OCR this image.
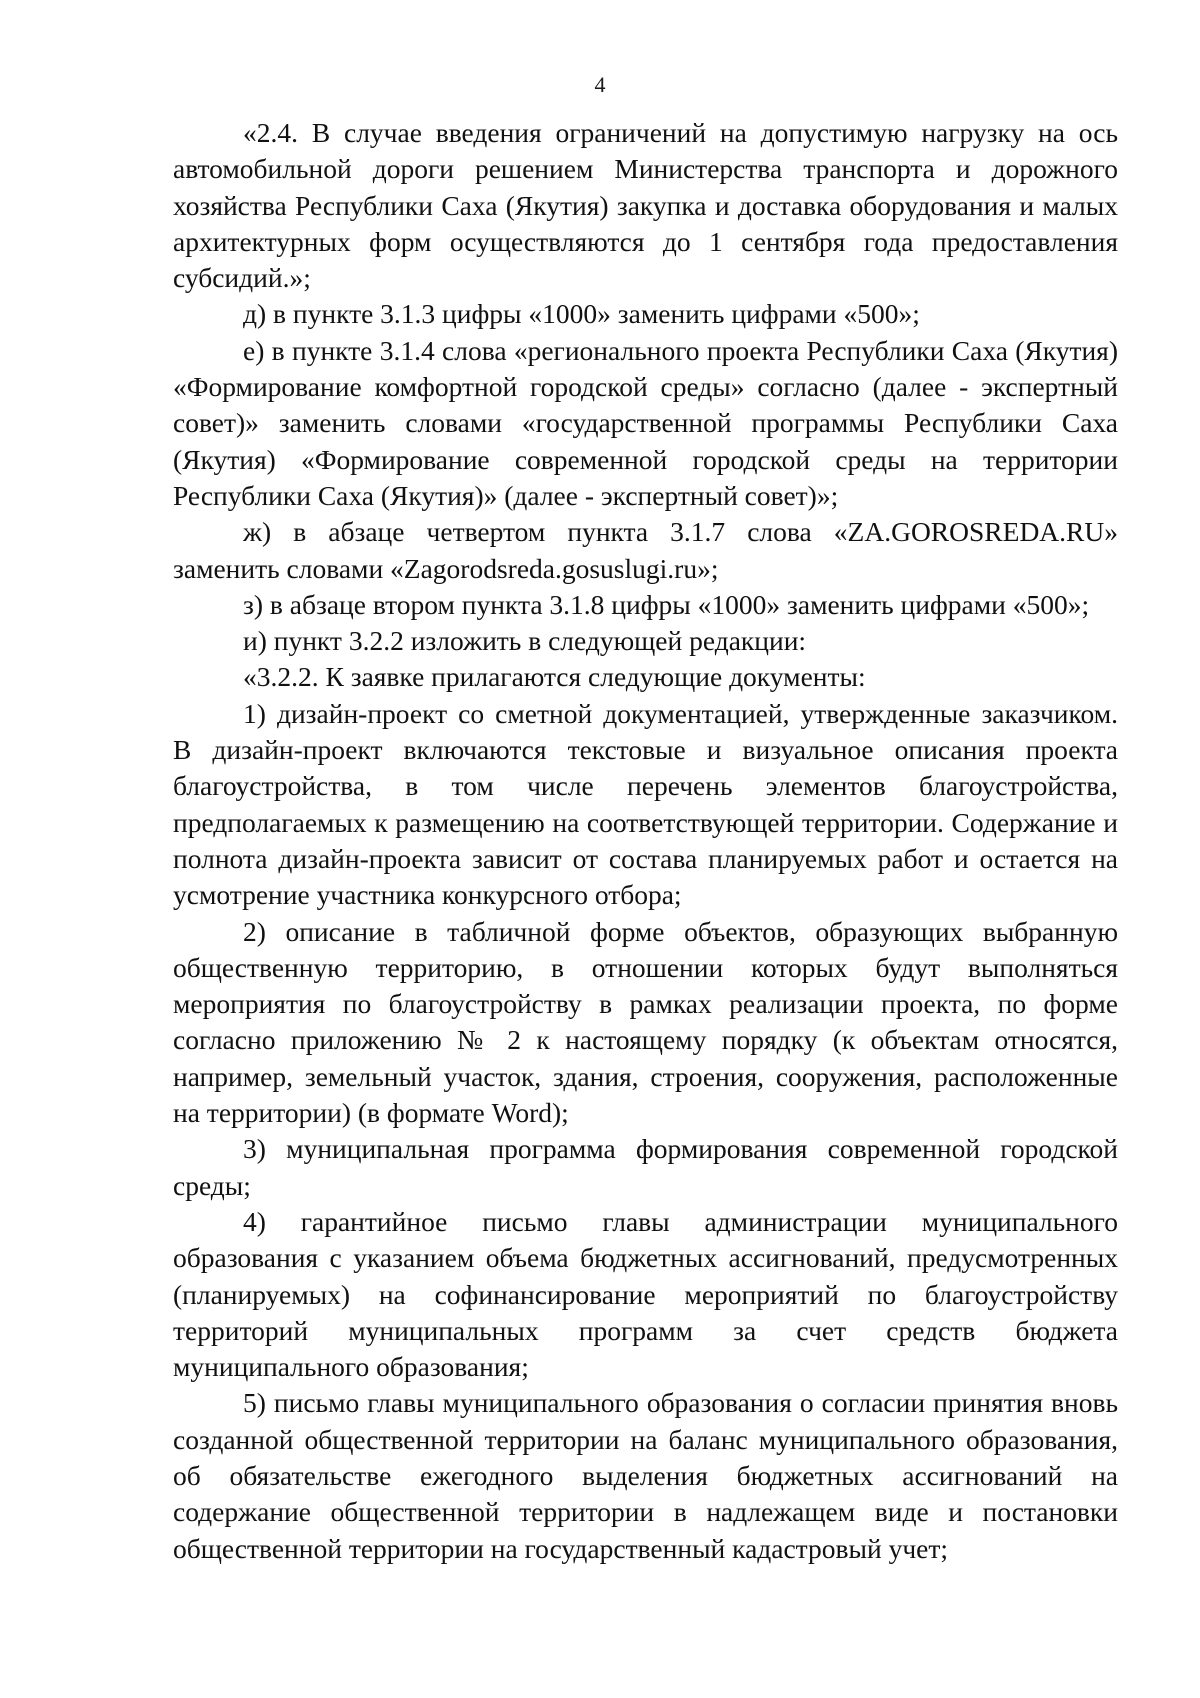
4

«2.4. В случае введения ограничений на допустимую нагрузку на ось автомобильной дороги решением Министерства транспорта и дорожного хозяйства Республики Саха (Якутия) закупка и доставка оборудования и малых архитектурных форм осуществляются до 1 сентября года предоставления субсидий.»;

д) в пункте 3.1.3 цифры «1000» заменить цифрами «500»;

е) в пункте 3.1.4 слова «регионального проекта Республики Саха (Якутия) «Формирование комфортной городской среды» согласно (далее - экспертный совет)» заменить словами «государственной программы Республики Саха (Якутия) «Формирование современной городской среды на территории Республики Саха (Якутия)» (далее - экспертный совет)»;

ж) в абзаце четвертом пункта 3.1.7 слова «ZA.GOROSREDA.RU» заменить словами «Zagorodsreda.gosuslugi.ru»;

з) в абзаце втором пункта 3.1.8 цифры «1000» заменить цифрами «500»;

и) пункт 3.2.2 изложить в следующей редакции:

«3.2.2. К заявке прилагаются следующие документы:

1) дизайн-проект со сметной документацией, утвержденные заказчиком. В дизайн-проект включаются текстовые и визуальное описания проекта благоустройства, в том числе перечень элементов благоустройства, предполагаемых к размещению на соответствующей территории. Содержание и полнота дизайн-проекта зависит от состава планируемых работ и остается на усмотрение участника конкурсного отбора;

2) описание в табличной форме объектов, образующих выбранную общественную территорию, в отношении которых будут выполняться мероприятия по благоустройству в рамках реализации проекта, по форме согласно приложению № 2 к настоящему порядку (к объектам относятся, например, земельный участок, здания, строения, сооружения, расположенные на территории) (в формате Word);

3) муниципальная программа формирования современной городской среды;

4) гарантийное письмо главы администрации муниципального образования с указанием объема бюджетных ассигнований, предусмотренных (планируемых) на софинансирование мероприятий по благоустройству территорий муниципальных программ за счет средств бюджета муниципального образования;

5) письмо главы муниципального образования о согласии принятия вновь созданной общественной территории на баланс муниципального образования, об обязательстве ежегодного выделения бюджетных ассигнований на содержание общественной территории в надлежащем виде и постановки общественной территории на государственный кадастровый учет;
